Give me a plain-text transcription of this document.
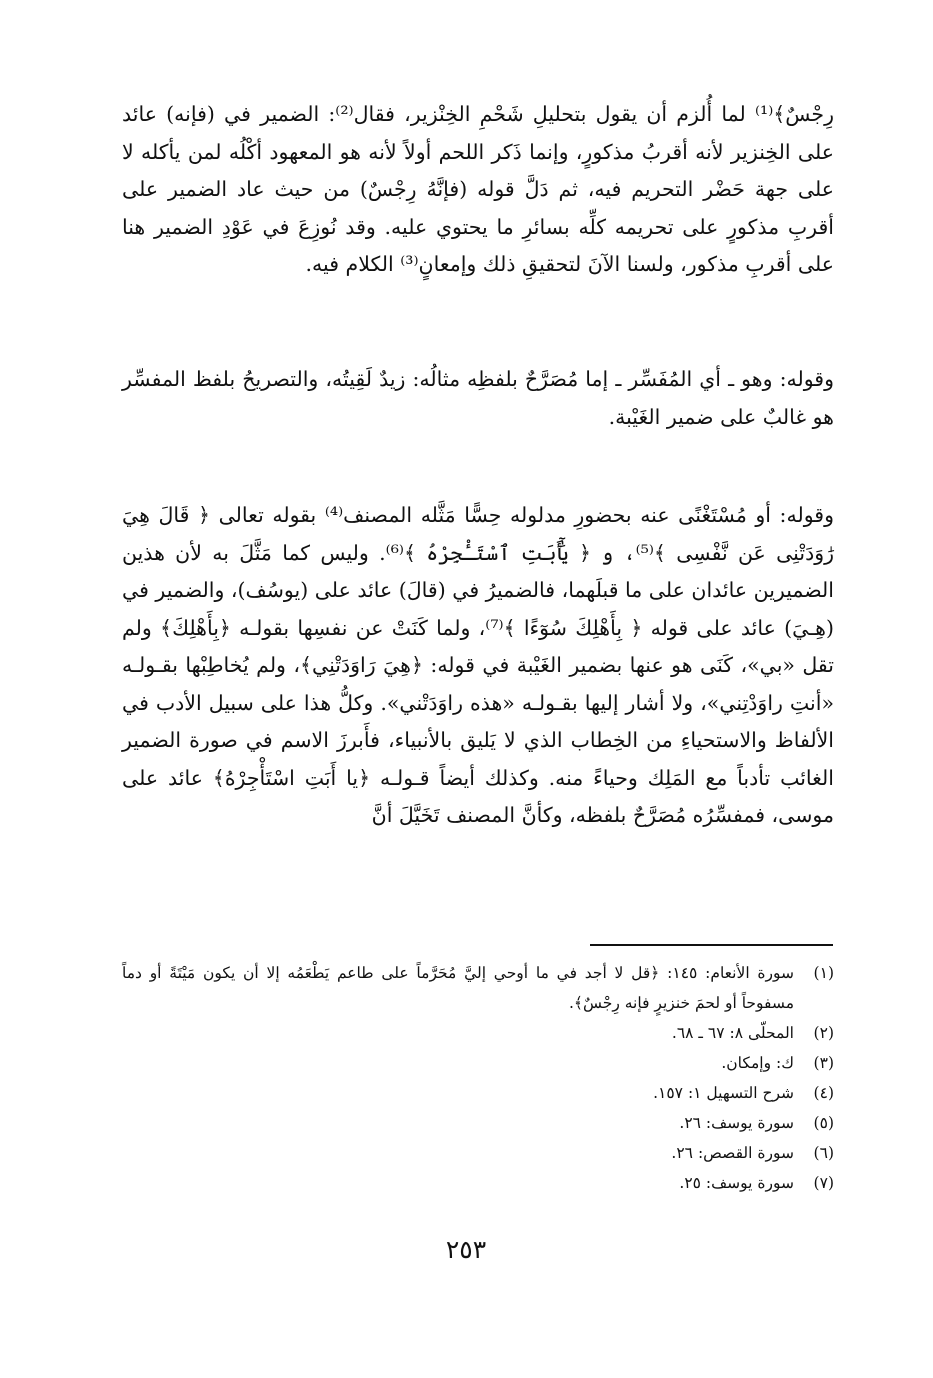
رِجْسٌ﴾⁽¹⁾ لما أُلزم أن يقول بتحليلِ شَحْمِ الخِنْزير، فقال⁽²⁾: الضمير في (فإنه) عائد على الخِنزير لأنه أقربُ مذكورٍ، وإنما ذَكر اللحم أولاً لأنه هو المعهود أكْلُه لمن يأكله لا على جهة حَضْر التحريم فيه، ثم دَلَّ قوله (فإنَّهُ رِجْسٌ) من حيث عاد الضمير على أقربِ مذكورٍ على تحريمه كلِّه بسائرِ ما يحتوي عليه. وقد نُوزِعَ في عَوْدِ الضمير هنا على أقربِ مذكور، ولسنا الآنَ لتحقيقِ ذلك وإمعانٍ⁽³⁾ الكلام فيه.

وقوله: وهو ـ أي المُفَسِّر ـ إما مُصَرَّحٌ بلفظِه مثالُه: زيدٌ لَقِيتُه، والتصريحُ بلفظ المفسِّر هو غالبٌ على ضمير الغَيْبة.

وقوله: أو مُسْتَغْنًى عنه بحضورِ مدلوله حِسًّا مَثَّله المصنف⁽⁴⁾ بقوله تعالى ﴿ قَالَ هِيَ رَٰوَدَتْنِى عَن نَّفْسِى ﴾⁽⁵⁾، و ﴿ يَٰٓأَبَتِ ٱسْتَـْٔجِرْهُ ﴾⁽⁶⁾. وليس كما مَثَّلَ به لأن هذين الضميرين عائدان على ما قبلَهما، فالضميرُ في (قالَ) عائد على (يوسُف)، والضمير في (هِـيَ) عائد على قوله ﴿ بِأَهْلِكَ سُوٓءًا ﴾⁽⁷⁾، ولما كَنَتْ عن نفسِها بقولـه ﴿بِأَهْلِكَ﴾ ولم تقل «بي»، كَنَى هو عنها بضمير الغَيْبة في قوله: ﴿هِيَ رَاوَدَتْنِي﴾، ولم يُخاطِبْها بقـولـه «أنتِ راوَدْتِني»، ولا أشار إليها بقـولـه «هذه راوَدَتْني». وكلُّ هذا على سبيل الأدب في الألفاظ والاستحياءِ من الخِطاب الذي لا يَليق بالأنبياء، فأَبرزَ الاسم في صورة الضمير الغائب تأدباً مع المَلِك وحياءً منه. وكذلك أيضاً قـولـه ﴿يا أَبَتِ اسْتَأْجِرْهُ﴾ عائد على موسى، فمفسِّرُه مُصَرَّحٌ بلفظه، وكأنَّ المصنف تَخَيَّلَ أنَّ

(١)
سورة الأنعام: ١٤٥: ﴿قل لا أجد في ما أوحي إليَّ مُحَرَّماً على طاعم يَطْعَمُه إلا أن يكون مَيْتَةً أو دماً مسفوحاً أو لحمَ خنزيرٍ فإنه رِجْسٌ﴾.
(٢)
المحلّى ٨: ٦٧ ـ ٦٨.
(٣)
ك: وإمكان.
(٤)
شرح التسهيل ١: ١٥٧.
(٥)
سورة يوسف: ٢٦.
(٦)
سورة القصص: ٢٦.
(٧)
سورة يوسف: ٢٥.
٢٥٣
